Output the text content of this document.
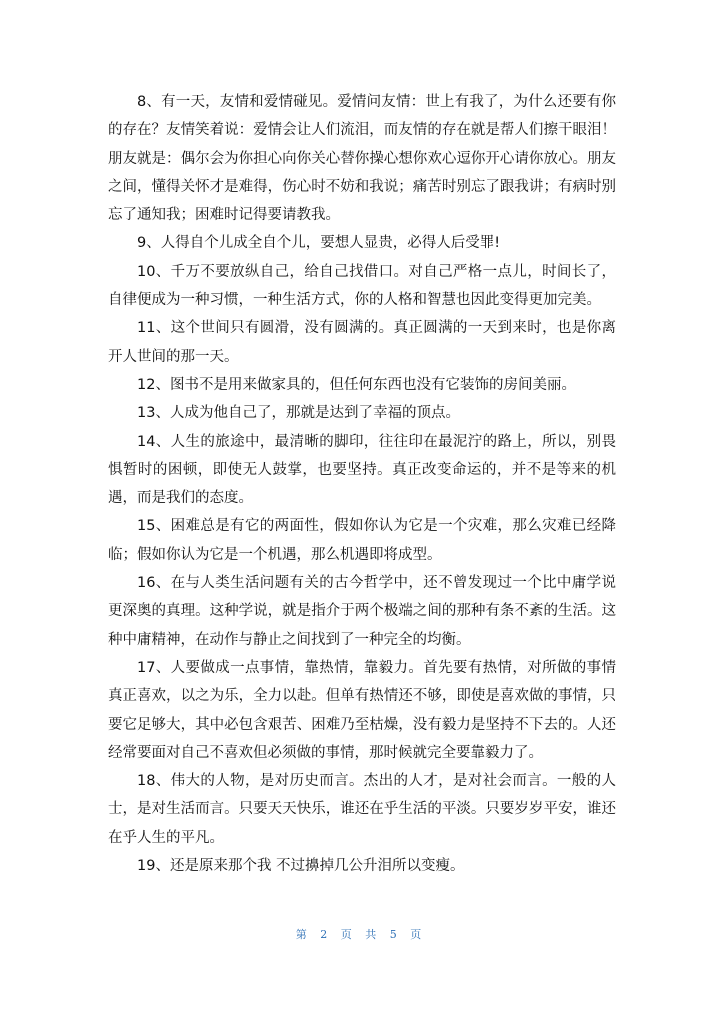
8、有一天，友情和爱情碰见。爱情问友情：世上有我了，为什么还要有你的存在？友情笑着说：爱情会让人们流泪，而友情的存在就是帮人们擦干眼泪！朋友就是：偶尔会为你担心向你关心替你操心想你欢心逗你开心请你放心。朋友之间，懂得关怀才是难得，伤心时不妨和我说；痛苦时别忘了跟我讲；有病时别忘了通知我；困难时记得要请教我。

9、人得自个儿成全自个儿，要想人显贵，必得人后受罪!

10、千万不要放纵自己，给自己找借口。对自己严格一点儿，时间长了，自律便成为一种习惯，一种生活方式，你的人格和智慧也因此变得更加完美。

11、这个世间只有圆滑，没有圆满的。真正圆满的一天到来时，也是你离开人世间的那一天。

12、图书不是用来做家具的，但任何东西也没有它装饰的房间美丽。

13、人成为他自己了，那就是达到了幸福的顶点。

14、人生的旅途中，最清晰的脚印，往往印在最泥泞的路上，所以，别畏惧暂时的困顿，即使无人鼓掌，也要坚持。真正改变命运的，并不是等来的机遇，而是我们的态度。

15、困难总是有它的两面性，假如你认为它是一个灾难，那么灾难已经降临；假如你认为它是一个机遇，那么机遇即将成型。

16、在与人类生活问题有关的古今哲学中，还不曾发现过一个比中庸学说更深奥的真理。这种学说，就是指介于两个极端之间的那种有条不紊的生活。这种中庸精神，在动作与静止之间找到了一种完全的均衡。

17、人要做成一点事情，靠热情，靠毅力。首先要有热情，对所做的事情真正喜欢，以之为乐，全力以赴。但单有热情还不够，即使是喜欢做的事情，只要它足够大，其中必包含艰苦、困难乃至枯燥，没有毅力是坚持不下去的。人还经常要面对自己不喜欢但必须做的事情，那时候就完全要靠毅力了。

18、伟大的人物，是对历史而言。杰出的人才，是对社会而言。一般的人士，是对生活而言。只要天天快乐，谁还在乎生活的平淡。只要岁岁平安，谁还在乎人生的平凡。

19、还是原来那个我 不过擤掉几公升泪所以变瘦。

第 2 页 共 5 页
